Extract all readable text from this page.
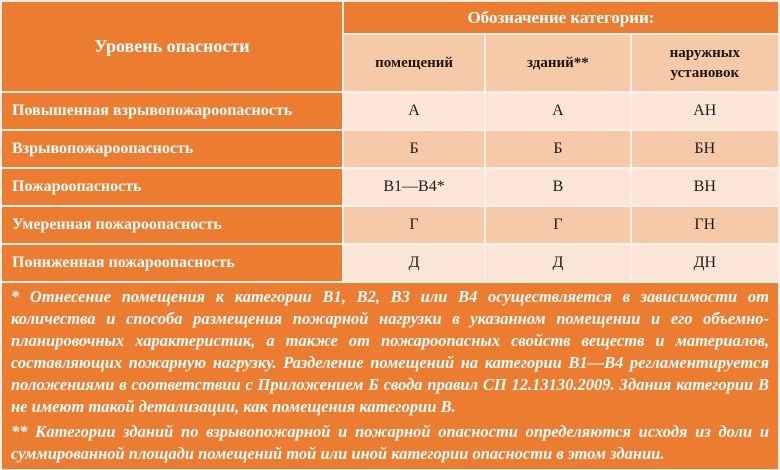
Уровень опасности	Обозначение категории:		
	помещений	зданий**	наружных установок
Повышенная взрывопожароопасность	А	А	АН
Взрывопожароопасность	Б	Б	БН
Пожароопасность	В1—В4*	В	ВН
Умеренная пожароопасность	Г	Г	ГН
Пониженная пожароопасность	Д	Д	ДН

* Отнесение помещения к категории В1, В2, В3 или В4 осуществляется в зависимости от количества и способа размещения пожарной нагрузки в указанном помещении и его объемно-планировочных характеристик, а также от пожароопасных свойств веществ и материалов, составляющих пожарную нагрузку. Разделение помещений на категории В1—В4 регламентируется положениями в соответствии с Приложением Б свода правил СП 12.13130.2009. Здания категории В не имеют такой детализации, как помещения категории В.

** Категории зданий по взрывопожарной и пожарной опасности определяются исходя из доли и суммированной площади помещений той или иной категории опасности в этом здании.			
